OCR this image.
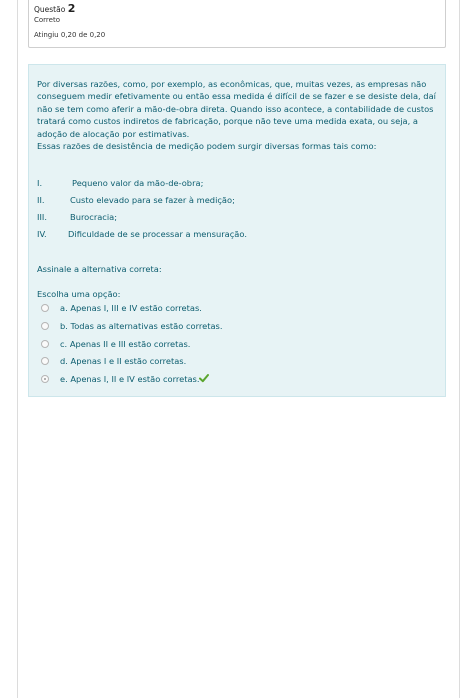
Questão 2
Correto
Atingiu 0,20 de 0,20

Por diversas razões, como, por exemplo, as econômicas, que, muitas vezes, as empresas não conseguem medir efetivamente ou então essa medida é difícil de se fazer e se desiste dela, daí não se tem como aferir a mão-de-obra direta. Quando isso acontece, a contabilidade de custos tratará como custos indiretos de fabricação, porque não teve uma medida exata, ou seja, a adoção de alocação por estimativas.

Essas razões de desistência de medição podem surgir diversas formas tais como:

I.	Pequeno valor da mão-de-obra;
II.	Custo elevado para se fazer à medição;
III.	Burocracia;
IV.	Dificuldade de se processar a mensuração.
Assinale a alternativa correta:
Escolha uma opção:
a. Apenas I, III e IV estão corretas.
b. Todas as alternativas estão corretas.
c. Apenas II e III estão corretas.
d. Apenas I e II estão corretas.
e. Apenas I, II e IV estão corretas.
